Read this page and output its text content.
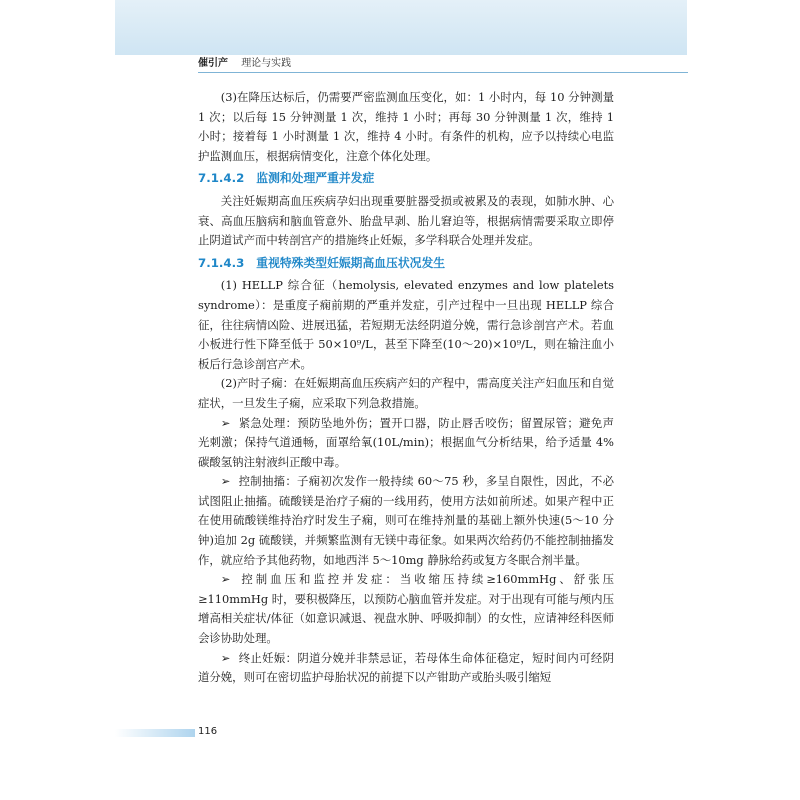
催引产 理论与实践

(3)在降压达标后，仍需要严密监测血压变化，如：1 小时内，每 10 分钟测量 1 次；以后每 15 分钟测量 1 次，维持 1 小时；再每 30 分钟测量 1 次，维持 1 小时；接着每 1 小时测量 1 次，维持 4 小时。有条件的机构，应予以持续心电监护监测血压，根据病情变化，注意个体化处理。

7.1.4.2 监测和处理严重并发症

关注妊娠期高血压疾病孕妇出现重要脏器受损或被累及的表现，如肺水肿、心衰、高血压脑病和脑血管意外、胎盘早剥、胎儿窘迫等，根据病情需要采取立即停止阴道试产而中转剖宫产的措施终止妊娠，多学科联合处理并发症。

7.1.4.3 重视特殊类型妊娠期高血压状况发生

(1) HELLP 综合征（hemolysis, elevated enzymes and low platelets syndrome）：是重度子痫前期的严重并发症，引产过程中一旦出现 HELLP 综合征，往往病情凶险、进展迅猛，若短期无法经阴道分娩，需行急诊剖宫产术。若血小板进行性下降至低于 50×10⁹/L，甚至下降至(10～20)×10⁹/L，则在输注血小板后行急诊剖宫产术。

(2)产时子痫：在妊娠期高血压疾病产妇的产程中，需高度关注产妇血压和自觉症状，一旦发生子痫，应采取下列急救措施。

➢ 紧急处理：预防坠地外伤；置开口器，防止唇舌咬伤；留置尿管；避免声光刺激；保持气道通畅，面罩给氧(10L/min)；根据血气分析结果，给予适量 4%碳酸氢钠注射液纠正酸中毒。

➢ 控制抽搐：子痫初次发作一般持续 60～75 秒，多呈自限性，因此，不必试图阻止抽搐。硫酸镁是治疗子痫的一线用药，使用方法如前所述。如果产程中正在使用硫酸镁维持治疗时发生子痫，则可在维持剂量的基础上额外快速(5～10 分钟)追加 2g 硫酸镁，并频繁监测有无镁中毒征象。如果两次给药仍不能控制抽搐发作，就应给予其他药物，如地西泮 5～10mg 静脉给药或复方冬眠合剂半量。

➢ 控制血压和监控并发症：当收缩压持续≥160mmHg、舒张压≥110mmHg 时，要积极降压，以预防心脑血管并发症。对于出现有可能与颅内压增高相关症状/体征（如意识减退、视盘水肿、呼吸抑制）的女性，应请神经科医师会诊协助处理。

➢ 终止妊娠：阴道分娩并非禁忌证，若母体生命体征稳定，短时间内可经阴道分娩，则可在密切监护母胎状况的前提下以产钳助产或胎头吸引缩短

116
